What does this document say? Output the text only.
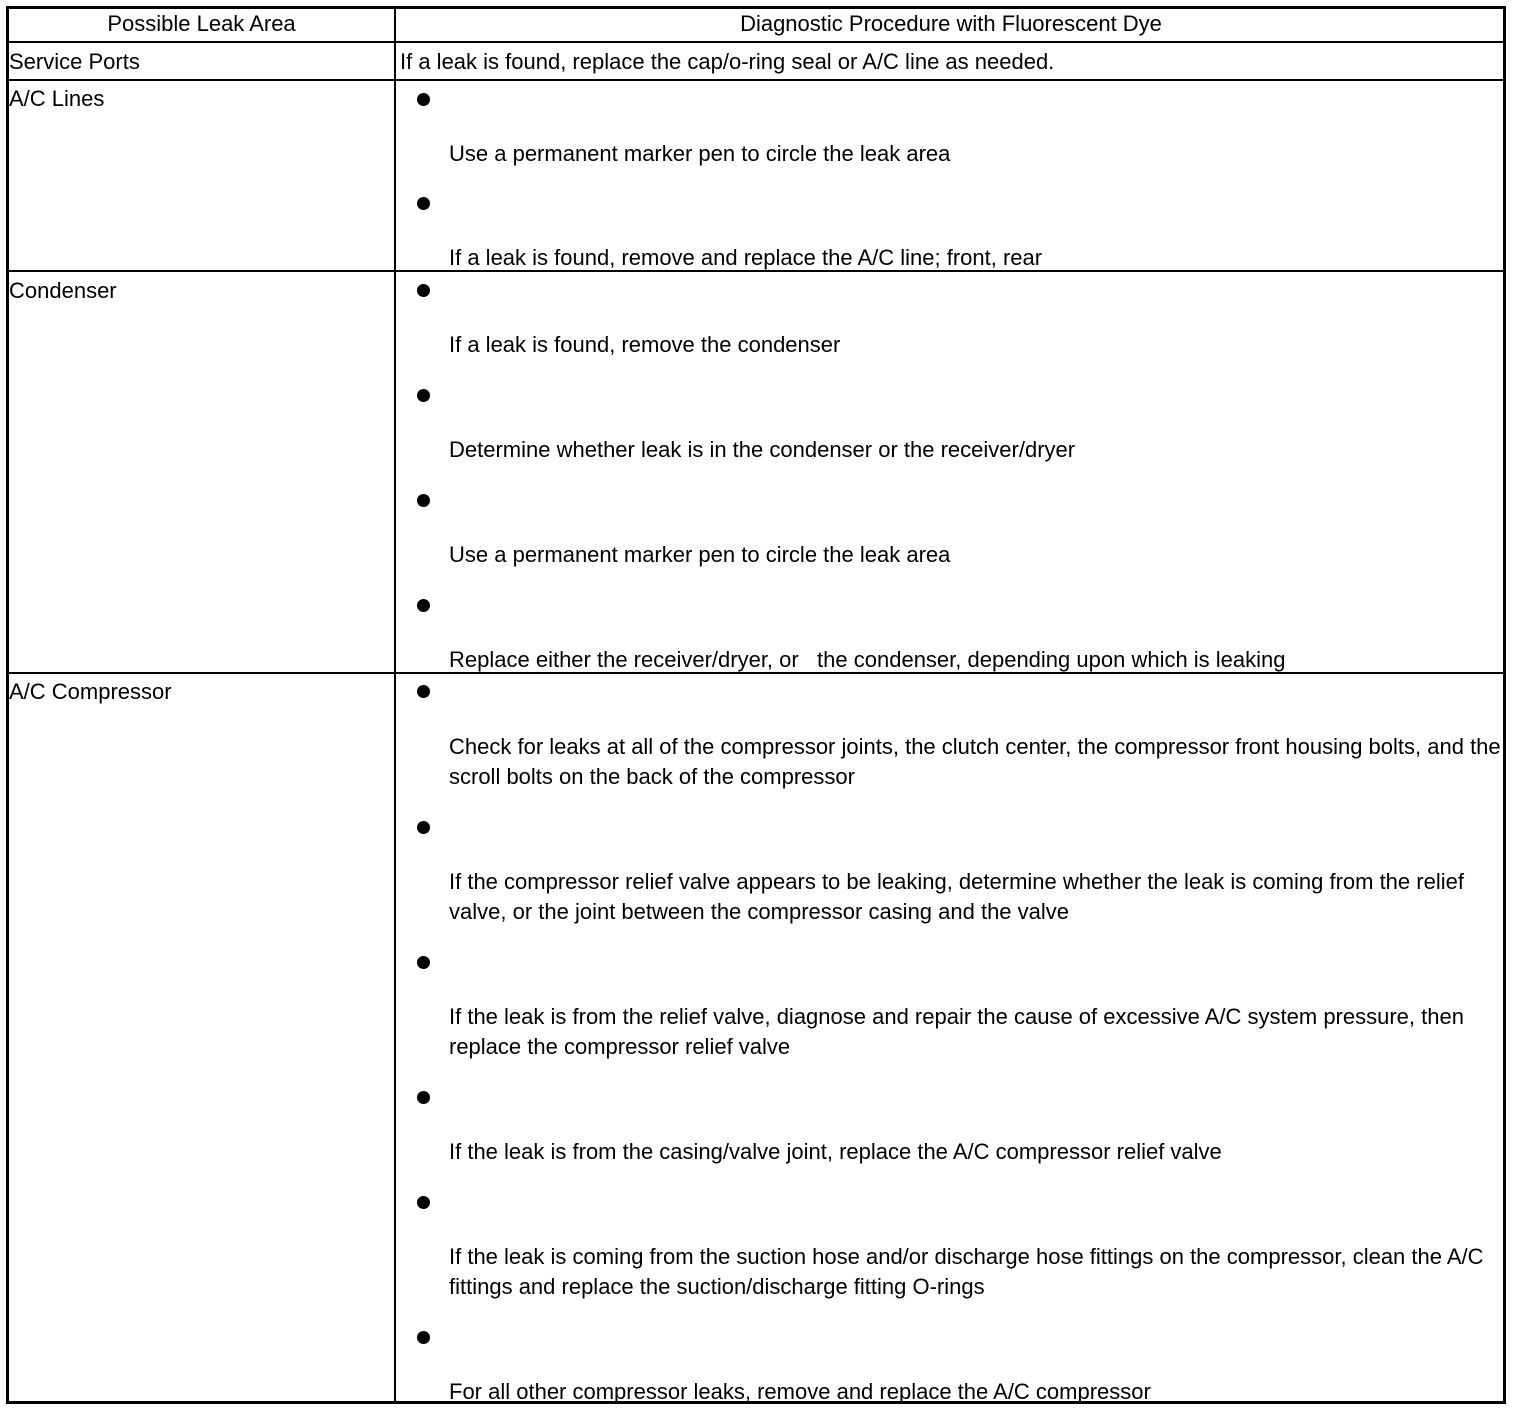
Possible Leak Area	Diagnostic Procedure with Fluorescent Dye
Service Ports	If a leak is found, replace the cap/o-ring seal or A/C line as needed.
A/C Lines
Use a permanent marker pen to circle the leak area
If a leak is found, remove and replace the A/C line; front, rear
Condenser
If a leak is found, remove the condenser
Determine whether leak is in the condenser or the receiver/dryer
Use a permanent marker pen to circle the leak area
Replace either the receiver/dryer, or   the condenser, depending upon which is leaking
A/C Compressor
Check for leaks at all of the compressor joints, the clutch center, the compressor front housing bolts, and the scroll bolts on the back of the compressor
If the compressor relief valve appears to be leaking, determine whether the leak is coming from the relief valve, or the joint between the compressor casing and the valve
If the leak is from the relief valve, diagnose and repair the cause of excessive A/C system pressure, then replace the compressor relief valve
If the leak is from the casing/valve joint, replace the A/C compressor relief valve
If the leak is coming from the suction hose and/or discharge hose fittings on the compressor, clean the A/C fittings and replace the suction/discharge fitting O-rings
For all other compressor leaks, remove and replace the A/C compressor
